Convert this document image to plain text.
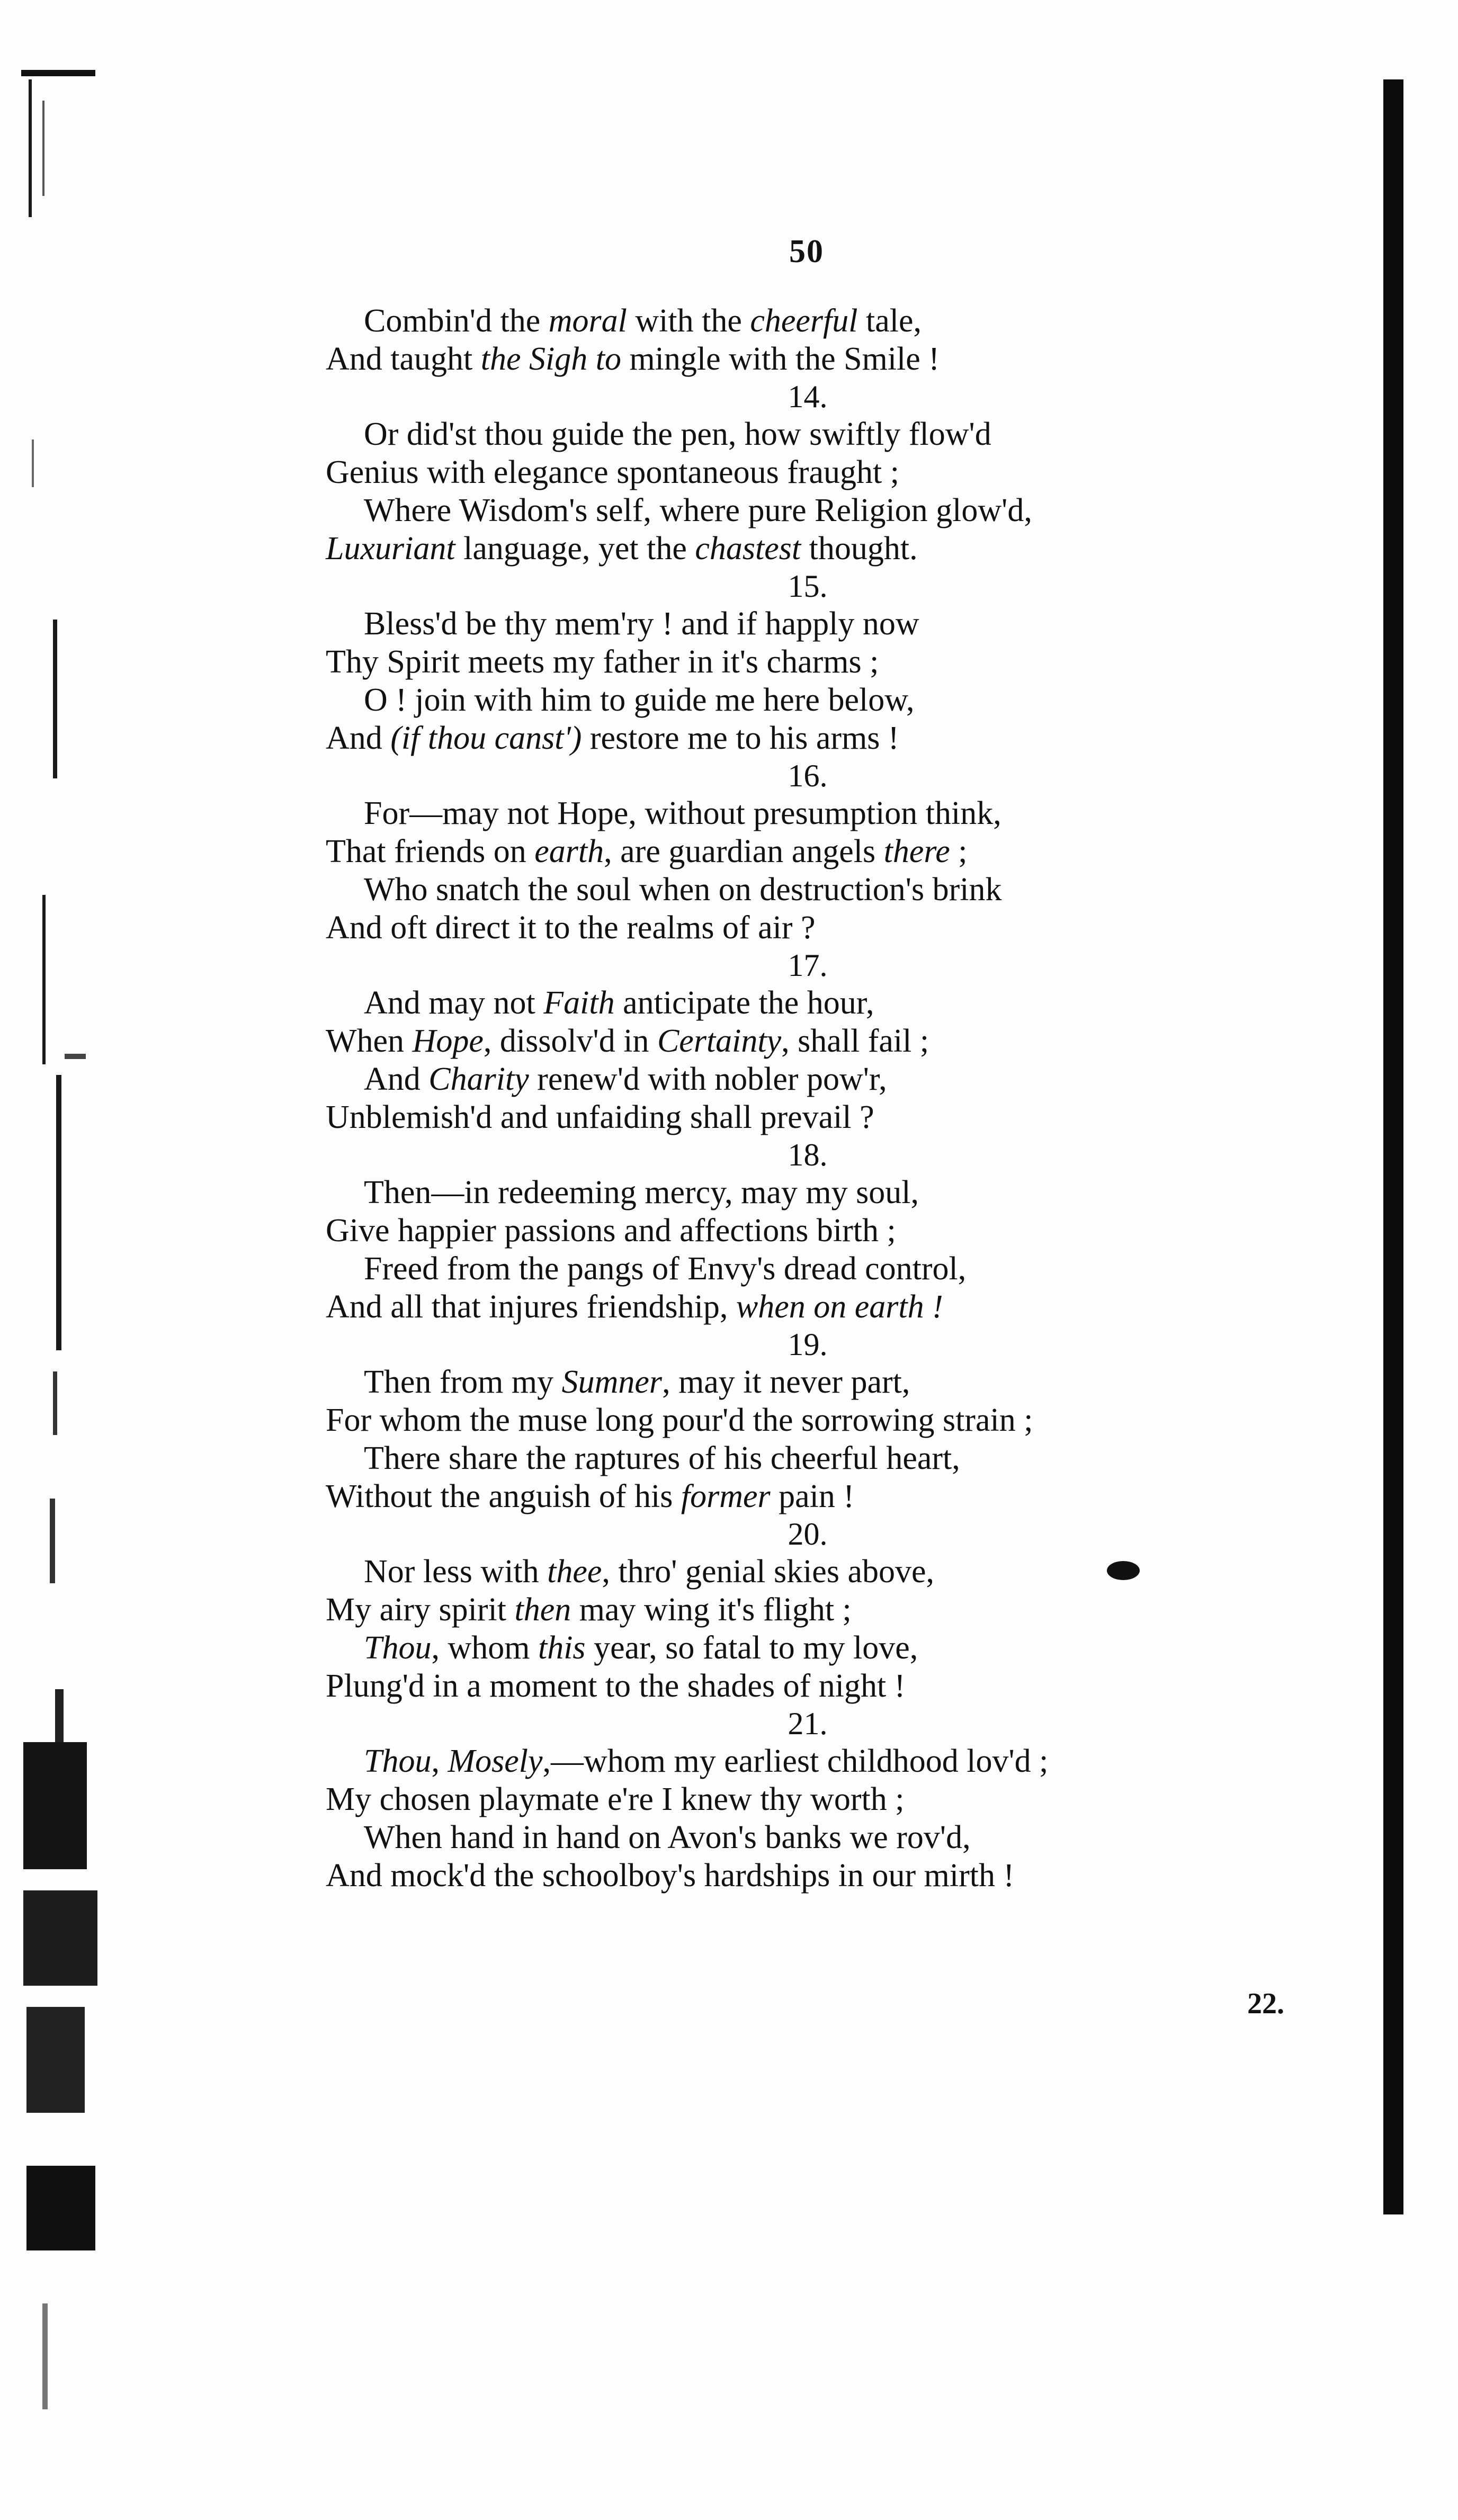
50
Combin'd the moral with the cheerful tale,
And taught the Sigh to mingle with the Smile !
14.
Or did'st thou guide the pen, how swiftly flow'd
Genius with elegance spontaneous fraught ;
Where Wisdom's self, where pure Religion glow'd,
Luxuriant language, yet the chastest thought.
15.
Bless'd be thy mem'ry ! and if happly now
Thy Spirit meets my father in it's charms ;
O ! join with him to guide me here below,
And (if thou canst') restore me to his arms !
16.
For—may not Hope, without presumption think,
That friends on earth, are guardian angels there ;
Who snatch the soul when on destruction's brink
And oft direct it to the realms of air ?
17.
And may not Faith anticipate the hour,
When Hope, dissolv'd in Certainty, shall fail ;
And Charity renew'd with nobler pow'r,
Unblemish'd and unfaiding shall prevail ?
18.
Then—in redeeming mercy, may my soul,
Give happier passions and affections birth ;
Freed from the pangs of Envy's dread control,
And all that injures friendship, when on earth !
19.
Then from my Sumner, may it never part,
For whom the muse long pour'd the sorrowing strain ;
There share the raptures of his cheerful heart,
Without the anguish of his former pain !
20.
Nor less with thee, thro' genial skies above,
My airy spirit then may wing it's flight ;
Thou, whom this year, so fatal to my love,
Plung'd in a moment to the shades of night !
21.
Thou, Mosely,—whom my earliest childhood lov'd ;
My chosen playmate e're I knew thy worth ;
When hand in hand on Avon's banks we rov'd,
And mock'd the schoolboy's hardships in our mirth !
22.
